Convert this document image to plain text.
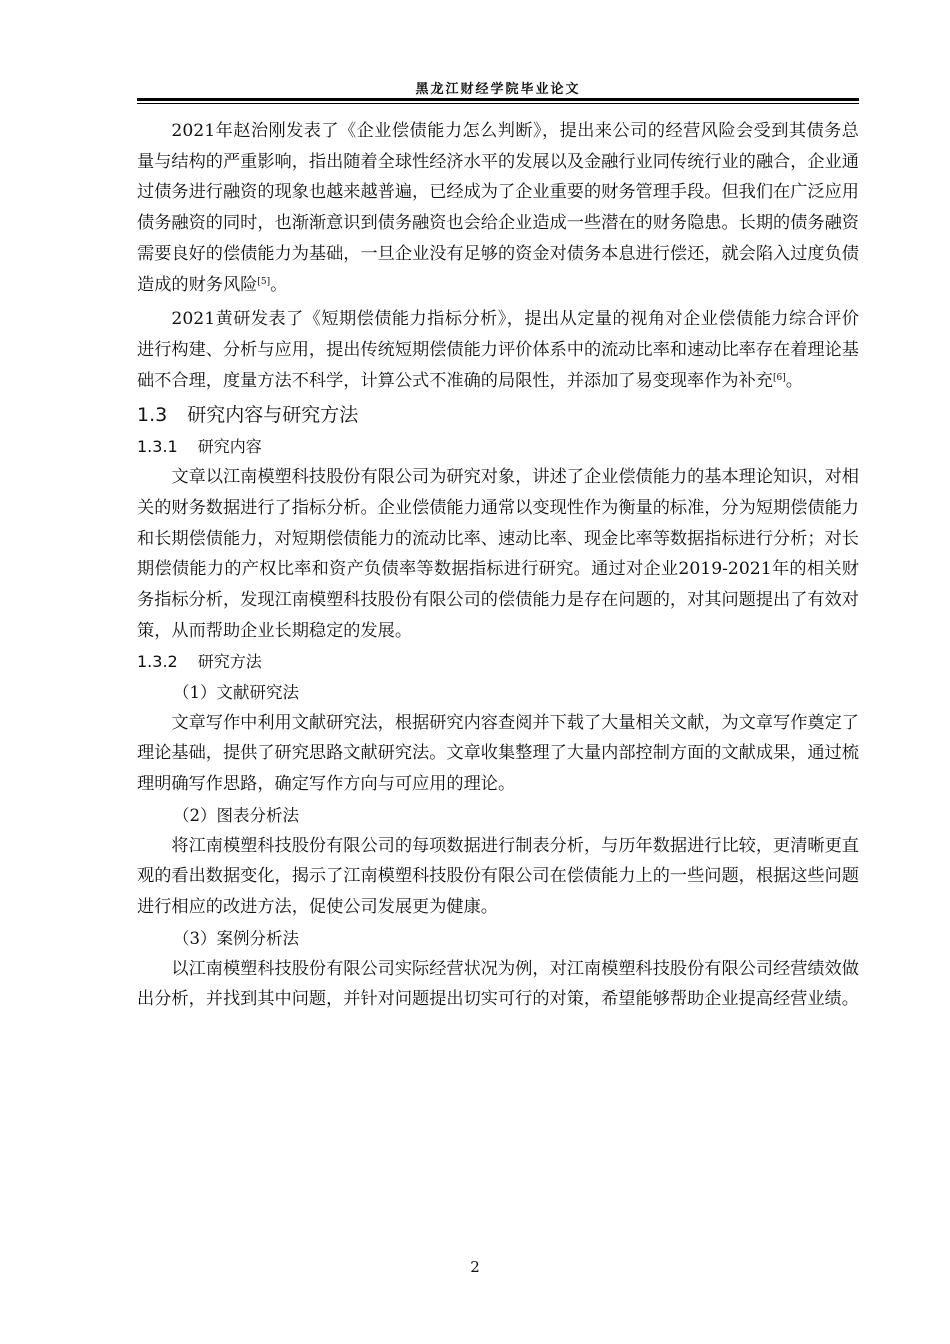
黑龙江财经学院毕业论文

2021年赵治刚发表了《企业偿债能力怎么判断》，提出来公司的经营风险会受到其债务总量与结构的严重影响，指出随着全球性经济水平的发展以及金融行业同传统行业的融合，企业通过债务进行融资的现象也越来越普遍，已经成为了企业重要的财务管理手段。但我们在广泛应用债务融资的同时，也渐渐意识到债务融资也会给企业造成一些潜在的财务隐患。长期的债务融资需要良好的偿债能力为基础，一旦企业没有足够的资金对债务本息进行偿还，就会陷入过度负债造成的财务风险[5]。

2021黄研发表了《短期偿债能力指标分析》，提出从定量的视角对企业偿债能力综合评价进行构建、分析与应用，提出传统短期偿债能力评价体系中的流动比率和速动比率存在着理论基础不合理，度量方法不科学，计算公式不准确的局限性，并添加了易变现率作为补充[6]。

1.3 研究内容与研究方法
1.3.1 研究内容

文章以江南模塑科技股份有限公司为研究对象，讲述了企业偿债能力的基本理论知识，对相关的财务数据进行了指标分析。企业偿债能力通常以变现性作为衡量的标准，分为短期偿债能力和长期偿债能力，对短期偿债能力的流动比率、速动比率、现金比率等数据指标进行分析；对长期偿债能力的产权比率和资产负债率等数据指标进行研究。通过对企业2019-2021年的相关财务指标分析，发现江南模塑科技股份有限公司的偿债能力是存在问题的，对其问题提出了有效对策，从而帮助企业长期稳定的发展。

1.3.2 研究方法
（1）文献研究法

文章写作中利用文献研究法，根据研究内容查阅并下载了大量相关文献，为文章写作奠定了理论基础，提供了研究思路文献研究法。文章收集整理了大量内部控制方面的文献成果，通过梳理明确写作思路，确定写作方向与可应用的理论。

（2）图表分析法

将江南模塑科技股份有限公司的每项数据进行制表分析，与历年数据进行比较，更清晰更直观的看出数据变化，揭示了江南模塑科技股份有限公司在偿债能力上的一些问题，根据这些问题进行相应的改进方法，促使公司发展更为健康。

（3）案例分析法

以江南模塑科技股份有限公司实际经营状况为例，对江南模塑科技股份有限公司经营绩效做出分析，并找到其中问题，并针对问题提出切实可行的对策，希望能够帮助企业提高经营业绩。

2
